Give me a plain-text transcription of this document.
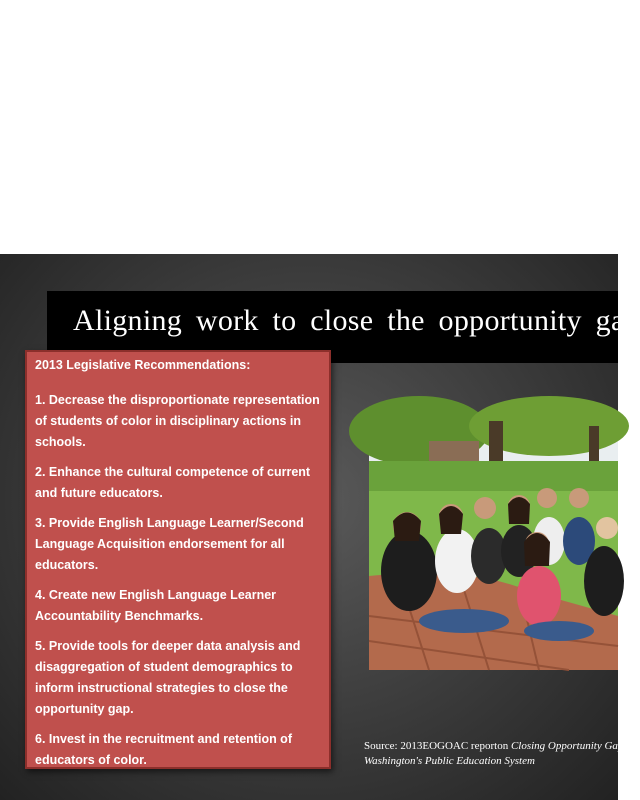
Aligning work to close the opportunity gap
2013 Legislative Recommendations:
1. Decrease the disproportionate representation of students of color in disciplinary actions in schools.
2. Enhance the cultural competence of current and future educators.
3. Provide English Language Learner/Second Language Acquisition endorsement for all educators.
4. Create new English Language Learner Accountability Benchmarks.
5. Provide tools for deeper data analysis and disaggregation of student demographics to inform instructional strategies to close the opportunity gap.
6. Invest in the recruitment and retention of educators of color.
Source: 2013EOGOAC reporton Closing Opportunity Gaps in
Washington's Public Education System
